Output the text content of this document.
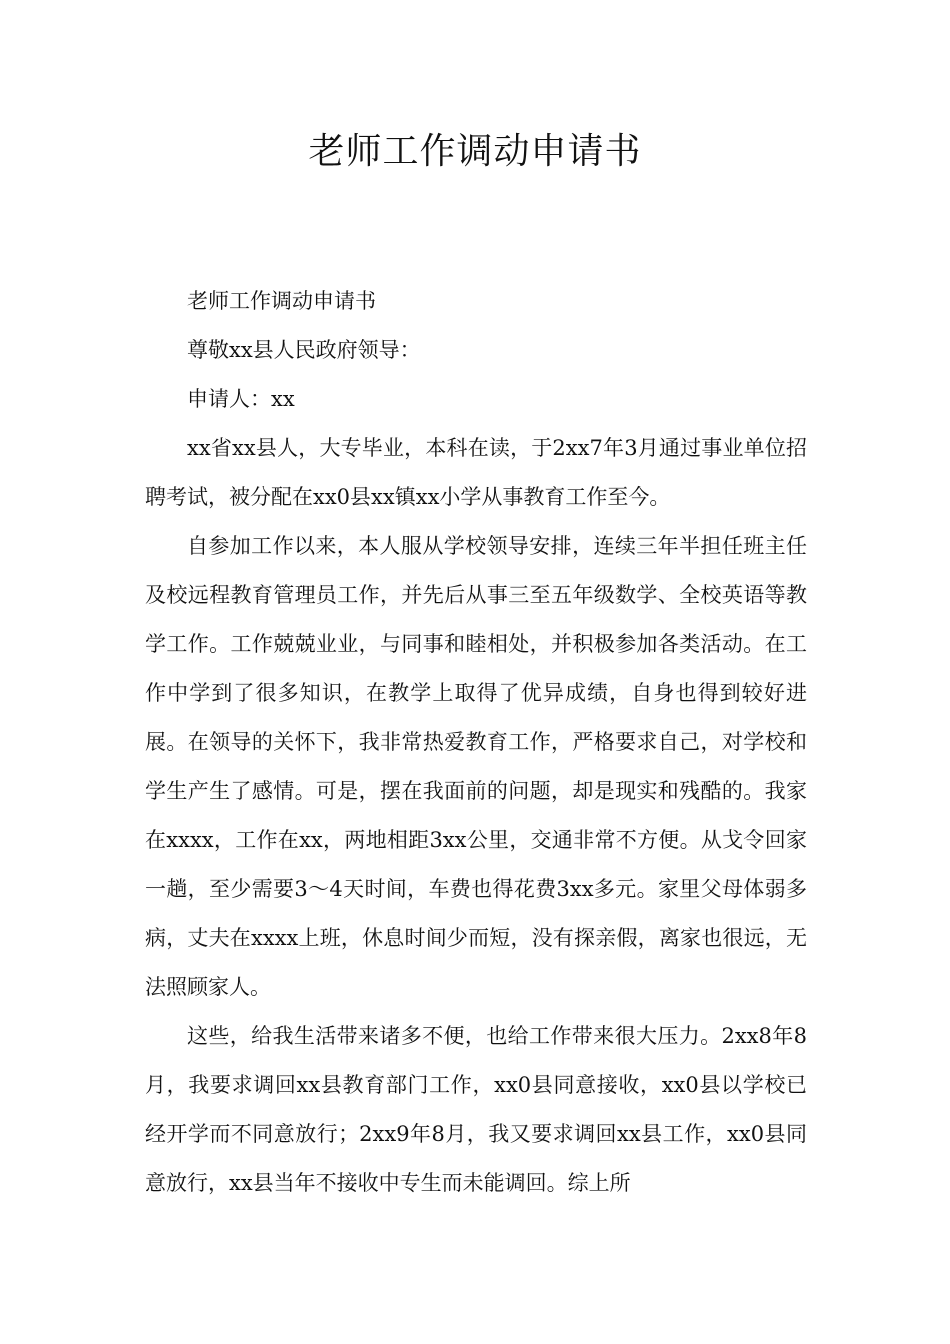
老师工作调动申请书

老师工作调动申请书

尊敬xx县人民政府领导：

申请人：xx

xx省xx县人，大专毕业，本科在读，于2xx7年3月通过事业单位招聘考试，被分配在xx0县xx镇xx小学从事教育工作至今。

自参加工作以来，本人服从学校领导安排，连续三年半担任班主任及校远程教育管理员工作，并先后从事三至五年级数学、全校英语等教学工作。工作兢兢业业，与同事和睦相处，并积极参加各类活动。在工作中学到了很多知识，在教学上取得了优异成绩，自身也得到较好进展。在领导的关怀下，我非常热爱教育工作，严格要求自己，对学校和学生产生了感情。可是，摆在我面前的问题，却是现实和残酷的。我家在xxxx，工作在xx，两地相距3xx公里，交通非常不方便。从戈令回家一趟，至少需要3～4天时间，车费也得花费3xx多元。家里父母体弱多病，丈夫在xxxx上班，休息时间少而短，没有探亲假，离家也很远，无法照顾家人。

这些，给我生活带来诸多不便，也给工作带来很大压力。2xx8年8月，我要求调回xx县教育部门工作，xx0县同意接收，xx0县以学校已经开学而不同意放行；2xx9年8月，我又要求调回xx县工作，xx0县同意放行，xx县当年不接收中专生而未能调回。综上所
